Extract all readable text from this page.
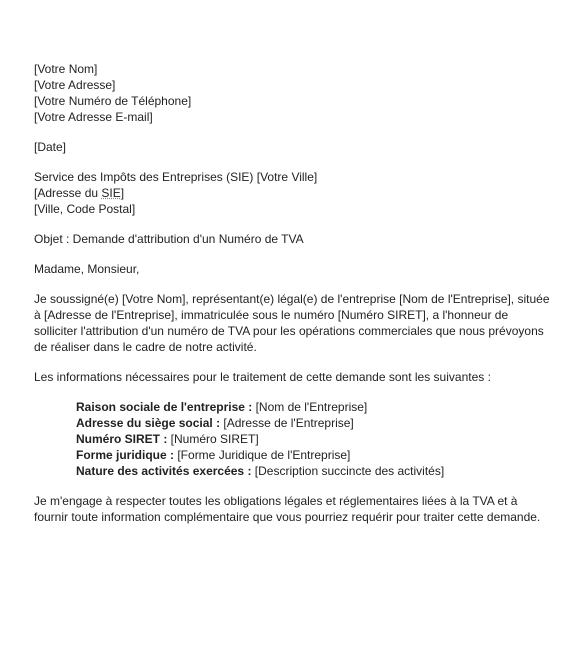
[Votre Nom]
[Votre Adresse]
[Votre Numéro de Téléphone]
[Votre Adresse E-mail]
[Date]
Service des Impôts des Entreprises (SIE) [Votre Ville]
[Adresse du SIE]
[Ville, Code Postal]
Objet : Demande d'attribution d'un Numéro de TVA
Madame, Monsieur,
Je soussigné(e) [Votre Nom], représentant(e) légal(e) de l'entreprise [Nom de l'Entreprise], située à [Adresse de l'Entreprise], immatriculée sous le numéro [Numéro SIRET], a l'honneur de solliciter l'attribution d'un numéro de TVA pour les opérations commerciales que nous prévoyons de réaliser dans le cadre de notre activité.
Les informations nécessaires pour le traitement de cette demande sont les suivantes :
Raison sociale de l'entreprise : [Nom de l'Entreprise]
Adresse du siège social : [Adresse de l'Entreprise]
Numéro SIRET : [Numéro SIRET]
Forme juridique : [Forme Juridique de l'Entreprise]
Nature des activités exercées : [Description succincte des activités]
Je m'engage à respecter toutes les obligations légales et réglementaires liées à la TVA et à fournir toute information complémentaire que vous pourriez requérir pour traiter cette demande.
